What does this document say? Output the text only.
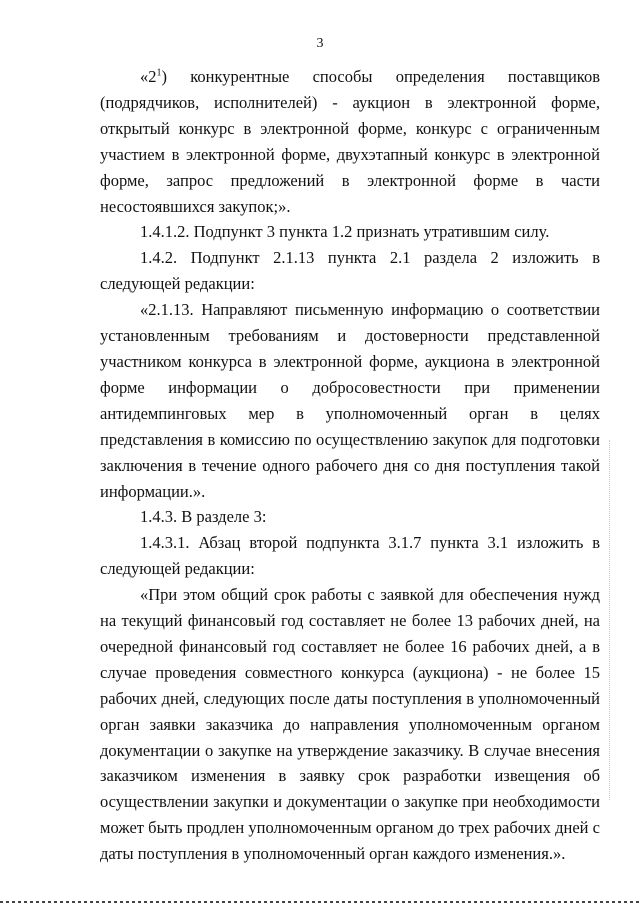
3

«$2^1$) конкурентные способы определения поставщиков (подрядчиков, исполнителей) - аукцион в электронной форме, открытый конкурс в электронной форме, конкурс с ограниченным участием в электронной форме, двухэтапный конкурс в электронной форме, запрос предложений в электронной форме в части несостоявшихся закупок;».

1.4.1.2. Подпункт 3 пункта 1.2 признать утратившим силу.

1.4.2. Подпункт 2.1.13 пункта 2.1 раздела 2 изложить в следующей редакции:

«2.1.13. Направляют письменную информацию о соответствии установленным требованиям и достоверности представленной участником конкурса в электронной форме, аукциона в электронной форме информации о добросовестности при применении антидемпинговых мер в уполномоченный орган в целях представления в комиссию по осуществлению закупок для подготовки заключения в течение одного рабочего дня со дня поступления такой информации.».

1.4.3. В разделе 3:

1.4.3.1. Абзац второй подпункта 3.1.7 пункта 3.1 изложить в следующей редакции:

«При этом общий срок работы с заявкой для обеспечения нужд на текущий финансовый год составляет не более 13 рабочих дней, на очередной финансовый год составляет не более 16 рабочих дней, а в случае проведения совместного конкурса (аукциона) - не более 15 рабочих дней, следующих после даты поступления в уполномоченный орган заявки заказчика до направления уполномоченным органом документации о закупке на утверждение заказчику. В случае внесения заказчиком изменения в заявку срок разработки извещения об осуществлении закупки и документации о закупке при необходимости может быть продлен уполномоченным органом до трех рабочих дней с даты поступления в уполномоченный орган каждого изменения.».
